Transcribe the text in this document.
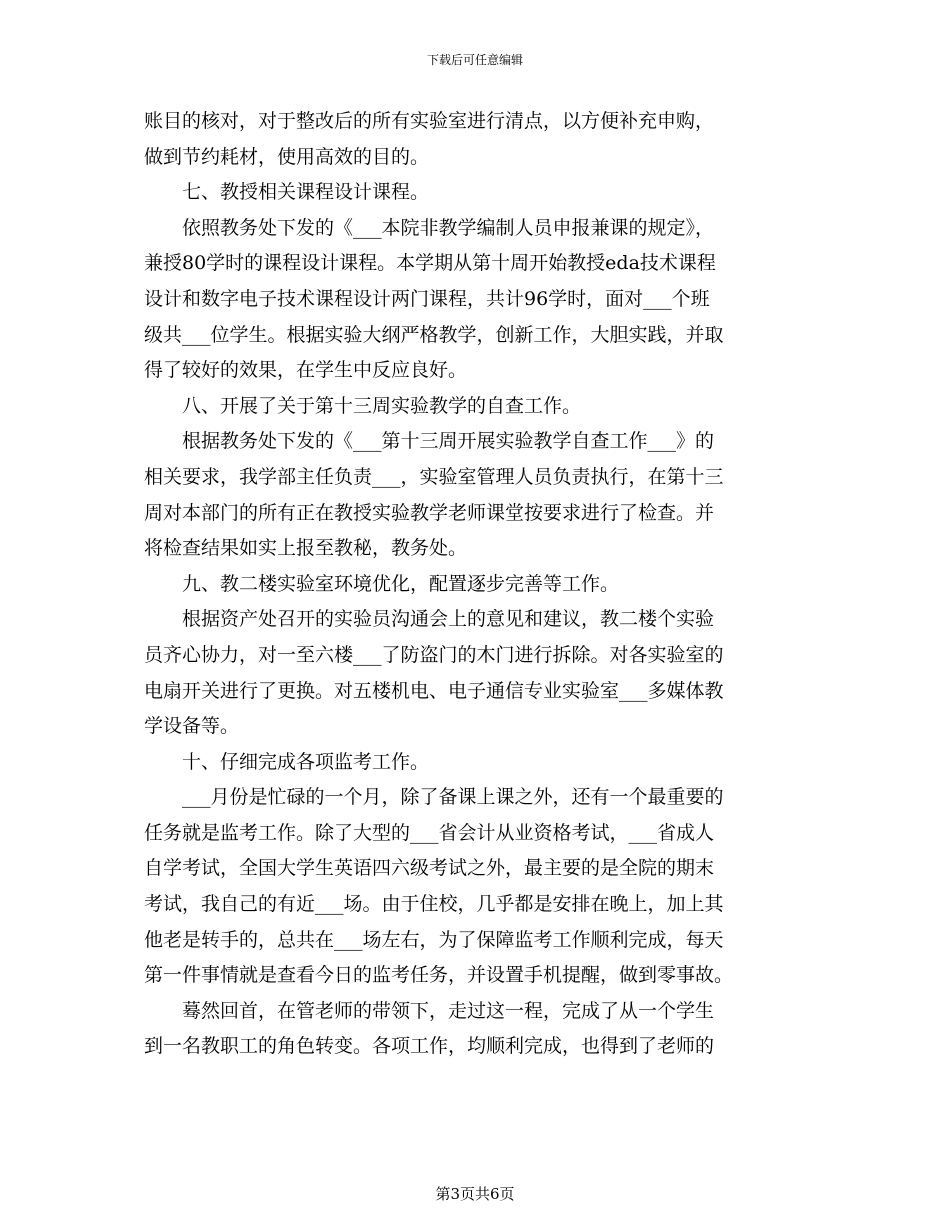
下载后可任意编辑
账目的核对，对于整改后的所有实验室进行清点，以方便补充申购，
做到节约耗材，使用高效的目的。
　　七、教授相关课程设计课程。
　　依照教务处下发的《___本院非教学编制人员申报兼课的规定》，
兼授80学时的课程设计课程。本学期从第十周开始教授eda技术课程
设计和数字电子技术课程设计两门课程，共计96学时，面对___个班
级共___位学生。根据实验大纲严格教学，创新工作，大胆实践，并取
得了较好的效果，在学生中反应良好。
　　八、开展了关于第十三周实验教学的自查工作。
　　根据教务处下发的《___第十三周开展实验教学自查工作___》的
相关要求，我学部主任负责___，实验室管理人员负责执行，在第十三
周对本部门的所有正在教授实验教学老师课堂按要求进行了检查。并
将检查结果如实上报至教秘，教务处。
　　九、教二楼实验室环境优化，配置逐步完善等工作。
　　根据资产处召开的实验员沟通会上的意见和建议，教二楼个实验
员齐心协力，对一至六楼___了防盗门的木门进行拆除。对各实验室的
电扇开关进行了更换。对五楼机电、电子通信专业实验室___多媒体教
学设备等。
　　十、仔细完成各项监考工作。
　　___月份是忙碌的一个月，除了备课上课之外，还有一个最重要的
任务就是监考工作。除了大型的___省会计从业资格考试，___省成人
自学考试，全国大学生英语四六级考试之外，最主要的是全院的期末
考试，我自己的有近___场。由于住校，几乎都是安排在晚上，加上其
他老是转手的，总共在___场左右，为了保障监考工作顺利完成，每天
第一件事情就是查看今日的监考任务，并设置手机提醒，做到零事故。
　　蓦然回首，在管老师的带领下，走过这一程，完成了从一个学生
到一名教职工的角色转变。各项工作，均顺利完成，也得到了老师的
第3页共6页
